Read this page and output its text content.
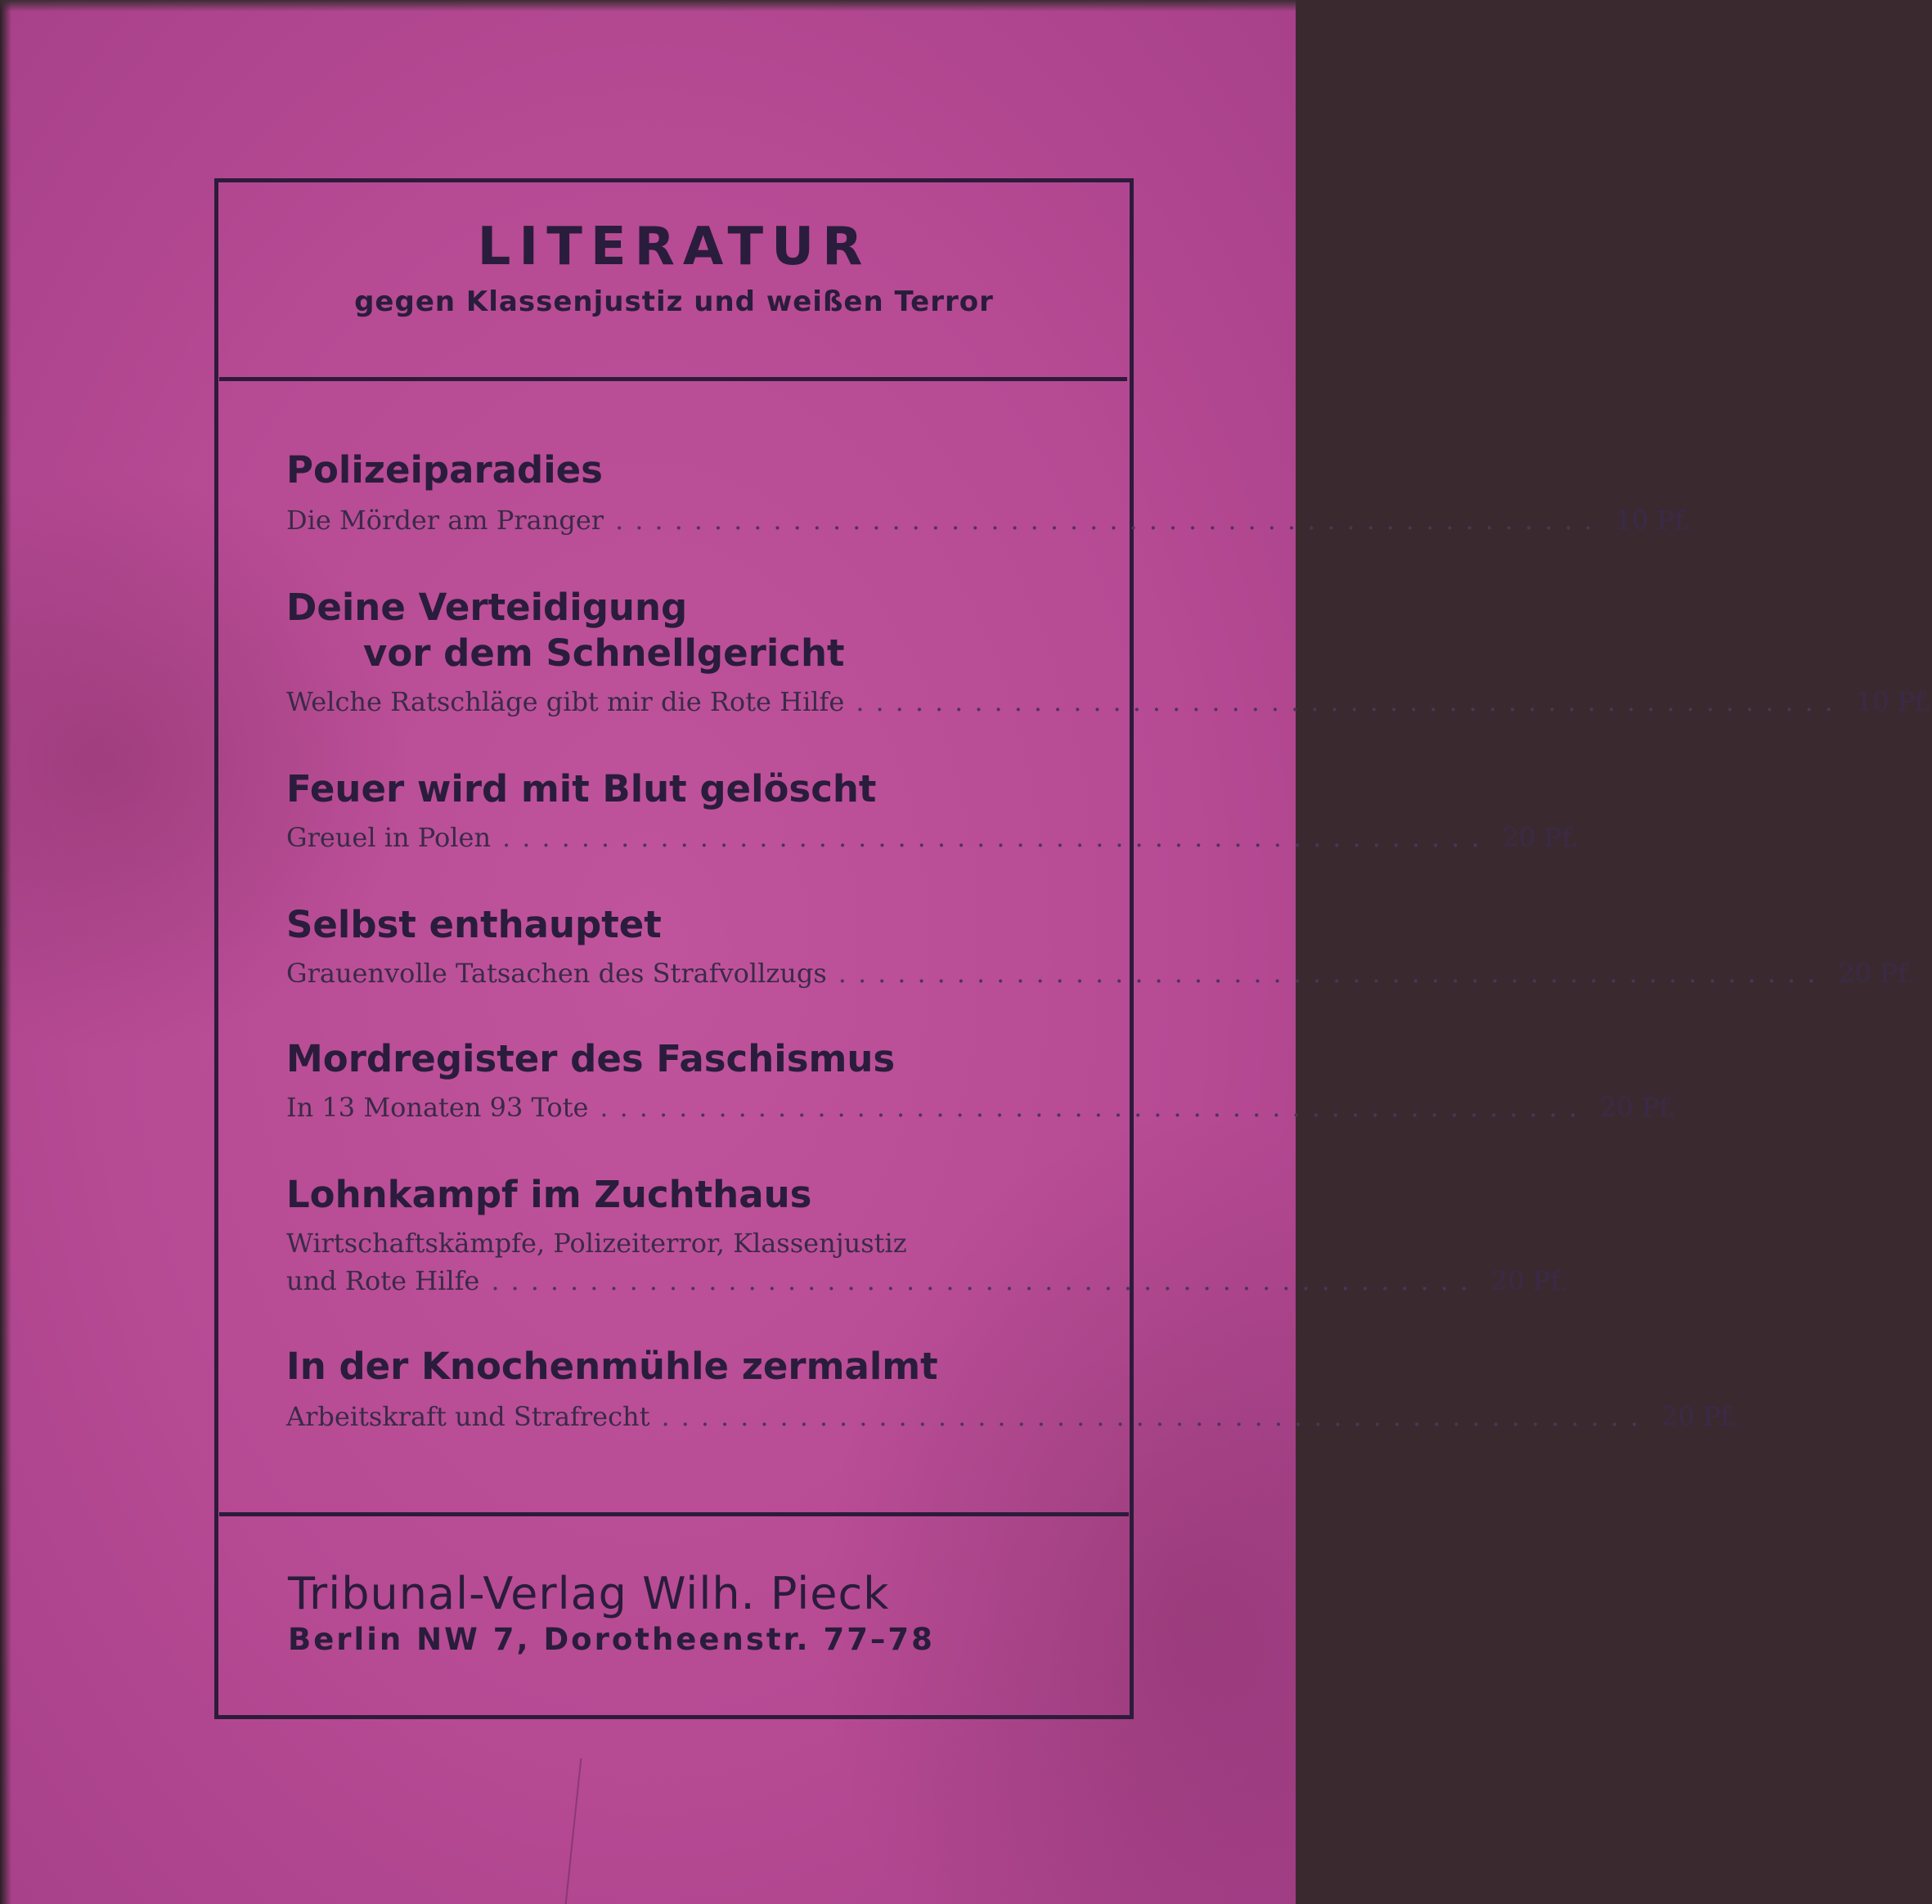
LITERATUR
gegen Klassenjustiz und weißen Terror
Polizeiparadies
Die Mörder am Pranger .................................................. 10 Pf.
Deine Verteidigung
vor dem Schnellgericht
Welche Ratschläge gibt mir die Rote Hilfe .................................................. 10 Pf.
Feuer wird mit Blut gelöscht
Greuel in Polen .................................................. 20 Pf.
Selbst enthauptet
Grauenvolle Tatsachen des Strafvollzugs .................................................. 20 Pf.
Mordregister des Faschismus
In 13 Monaten 93 Tote .................................................. 20 Pf.
Lohnkampf im Zuchthaus
Wirtschaftskämpfe, Polizeiterror, Klassenjustiz
und Rote Hilfe .................................................. 20 Pf.
In der Knochenmühle zermalmt
Arbeitskraft und Strafrecht .................................................. 20 Pf.
Tribunal-Verlag Wilh. Pieck
Berlin NW 7, Dorotheenstr. 77–78
